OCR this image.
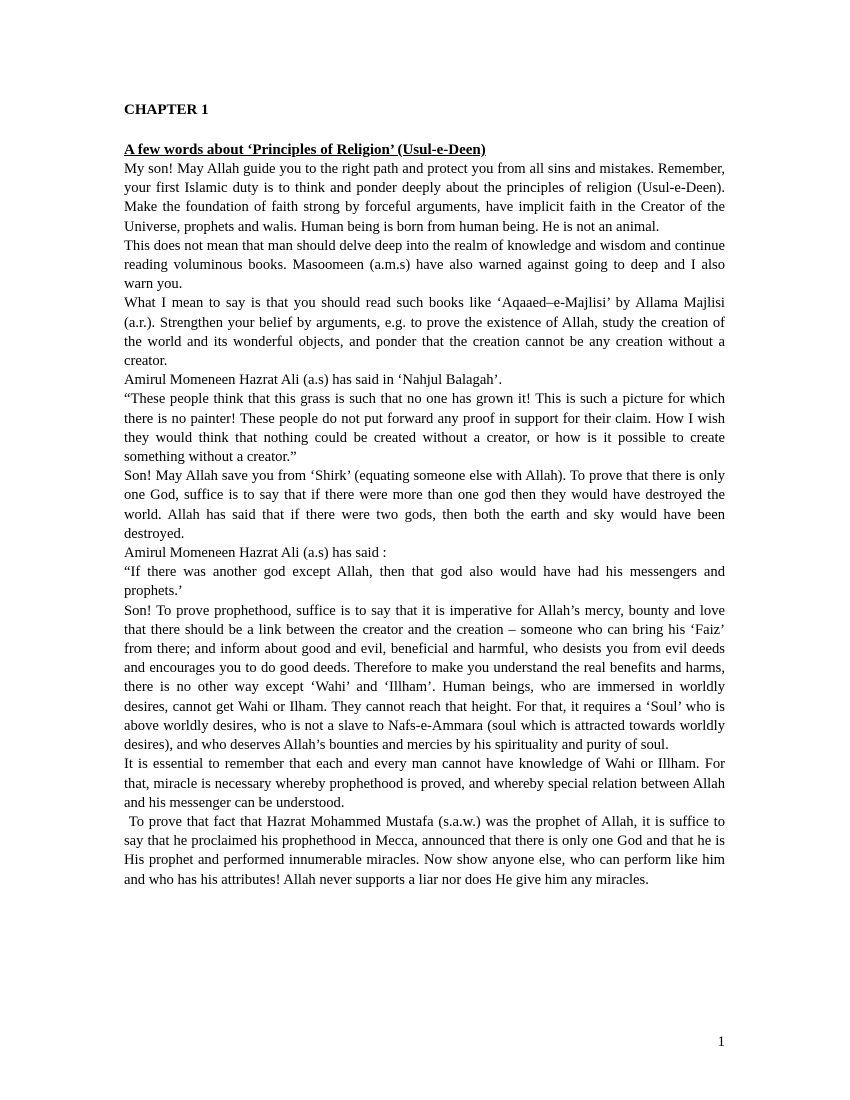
CHAPTER 1
A few words about ‘Principles of Religion’ (Usul-e-Deen)

My son! May Allah guide you to the right path and protect you from all sins and mistakes. Remember, your first Islamic duty is to think and ponder deeply about the principles of religion (Usul-e-Deen). Make the foundation of faith strong by forceful arguments, have implicit faith in the Creator of the Universe, prophets and walis. Human being is born from human being. He is not an animal.

This does not mean that man should delve deep into the realm of knowledge and wisdom and continue reading voluminous books. Masoomeen (a.m.s) have also warned against going to deep and I also warn you.

What I mean to say is that you should read such books like ‘Aqaaed–e-Majlisi’ by Allama Majlisi (a.r.). Strengthen your belief by arguments, e.g. to prove the existence of Allah, study the creation of the world and its wonderful objects, and ponder that the creation cannot be any creation without a creator.

Amirul Momeneen Hazrat Ali (a.s) has said in ‘Nahjul Balagah’.

“These people think that this grass is such that no one has grown it! This is such a picture for which there is no painter! These people do not put forward any proof in support for their claim. How I wish they would think that nothing could be created without a creator, or how is it possible to create something without a creator.”

Son! May Allah save you from ‘Shirk’ (equating someone else with Allah). To prove that there is only one God, suffice is to say that if there were more than one god then they would have destroyed the world. Allah has said that if there were two gods, then both the earth and sky would have been destroyed.

Amirul Momeneen Hazrat Ali (a.s) has said :

“If there was another god except Allah, then that god also would have had his messengers and prophets.’

Son! To prove prophethood, suffice is to say that it is imperative for Allah’s mercy, bounty and love that there should be a link between the creator and the creation – someone who can bring his ‘Faiz’ from there; and inform about good and evil, beneficial and harmful, who desists you from evil deeds and encourages you to do good deeds. Therefore to make you understand the real benefits and harms, there is no other way except ‘Wahi’ and ‘Illham’. Human beings, who are immersed in worldly desires, cannot get Wahi or Ilham. They cannot reach that height. For that, it requires a ‘Soul’ who is above worldly desires, who is not a slave to Nafs-e-Ammara (soul which is attracted towards worldly desires), and who deserves Allah’s bounties and mercies by his spirituality and purity of soul.

It is essential to remember that each and every man cannot have knowledge of Wahi or Illham. For that, miracle is necessary whereby prophethood is proved, and whereby special relation between Allah and his messenger can be understood.

To prove that fact that Hazrat Mohammed Mustafa (s.a.w.) was the prophet of Allah, it is suffice to say that he proclaimed his prophethood in Mecca, announced that there is only one God and that he is His prophet and performed innumerable miracles. Now show anyone else, who can perform like him and who has his attributes! Allah never supports a liar nor does He give him any miracles.

1
